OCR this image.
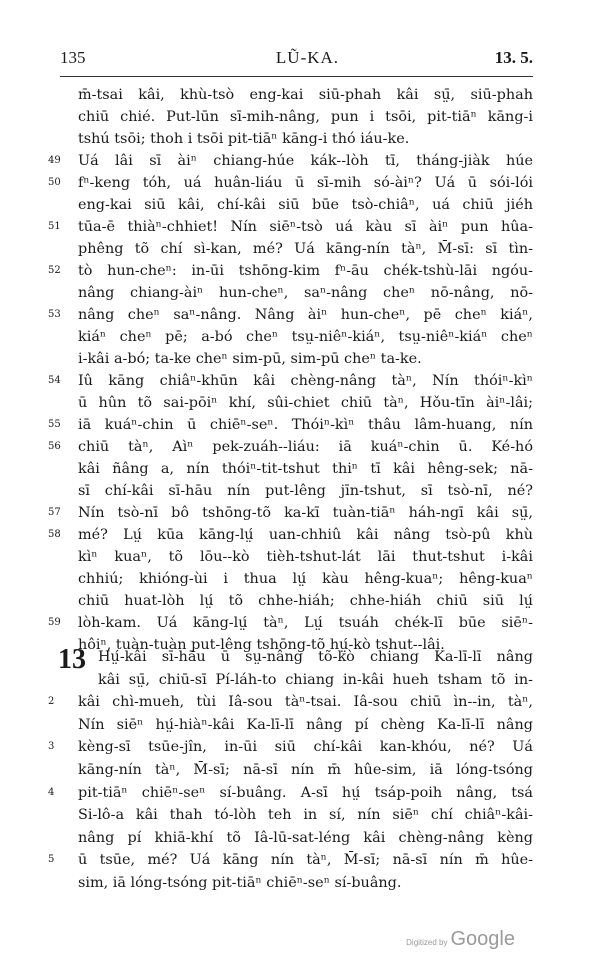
135	LŨ-KA.	13. 5.
m̄-tsai kâi, khù-tsò eng-kai siū-phah kâi sṳ̄, siū-phah
chiū chié. Put-lūn sī-mih-nâng, pun i tsōi, pit-tiāⁿ kāng-i
tshú tsōi; thoh i tsōi pit-tiāⁿ kāng-i thó iáu-ke.
49	Uá lâi sī àiⁿ chiang-húe kák--lòh tī, tháng-jiàk húe
50	fⁿ-keng tóh, uá huân-liáu ū sī-mih só-àiⁿ? Uá ū sói-lói
eng-kai siū kâi, chí-kâi siū būe tsò-chiâⁿ, uá chiū jiéh
51	tūa-ē thiàⁿ-chhiet! Nín siēⁿ-tsò uá kàu sī àiⁿ pun hûa-
phêng tõ chí sì-kan, mé? Uá kāng-nín tàⁿ, M̄-sī: sī tìn-
52	tò hun-cheⁿ: in-ūi tshōng-kim fⁿ-āu chék-tshù-lāi ngóu-
nâng chiang-àiⁿ hun-cheⁿ, saⁿ-nâng cheⁿ nō-nâng, nō-
53	nâng cheⁿ saⁿ-nâng. Nâng àiⁿ hun-cheⁿ, pē cheⁿ kiáⁿ,
kiáⁿ cheⁿ pē; a-bó cheⁿ tsṳ-niêⁿ-kiáⁿ, tsṳ-niêⁿ-kiáⁿ cheⁿ
i-kâi a-bó; ta-ke cheⁿ sim-pū, sim-pū cheⁿ ta-ke.
54	Iû kāng chiâⁿ-khūn kâi chèng-nâng tàⁿ, Nín thóiⁿ-kìⁿ
ū hûn tõ sai-pōiⁿ khí, sûi-chiet chiū tàⁿ, Hǒu-tīn àiⁿ-lâi;
55	iā kuáⁿ-chin ū chiēⁿ-seⁿ. Thóiⁿ-kìⁿ thâu lâm-huang, nín
56	chiū tàⁿ, Aìⁿ pek-zuáh--liáu: iā kuáⁿ-chin ū. Ké-hó
kâi ñâng a, nín thóiⁿ-tit-tshut thiⁿ tī kâi hêng-sek; nā-
sī chí-kâi sī-hāu nín put-lêng jīn-tshut, sī tsò-nī, né?
57	Nín tsò-nī bô tshōng-tõ ka-kī tuàn-tiāⁿ háh-ngī kâi sṳ̄,
58	mé? Lṳ́ kūa kāng-lṳ́ uan-chhiû kâi nâng tsò-pû khù
kìⁿ kuaⁿ, tõ lōu--kò tièh-tshut-lát lāi thut-tshut i-kâi
chhiú; khióng-ùi i thua lṳ́ kàu hêng-kuaⁿ; hêng-kuaⁿ
chiū huat-lòh lṳ́ tõ chhe-hiáh; chhe-hiáh chiū siū lṳ́
59	lòh-kam. Uá kāng-lṳ́ tàⁿ, Lṳ́ tsuáh chék-lī būe siēⁿ-
hôiⁿ, tuàn-tuàn put-lêng tshōng-tõ hṳ́-kò tshut--lâi.
Hṳ́-kâi sī-hāu ū sṳ-nâng tõ-kò chiang Ka-lī-lī nâng
kâi sṳ̄, chiū-sī Pí-láh-to chiang in-kâi hueh tsham tõ in-
2	kâi chì-mueh, tùi Iâ-sou tàⁿ-tsai. Iâ-sou chiū ìn--in, tàⁿ,
Nín siēⁿ hṳ́-hiàⁿ-kâi Ka-lī-lī nâng pí chèng Ka-lī-lī nâng
3	kèng-sī tsūe-jîn, in-ūi siū chí-kâi kan-khóu, né? Uá
kāng-nín tàⁿ, M̄-sī; nā-sī nín m̄ hûe-sim, iā lóng-tsóng
4	pit-tiāⁿ chiēⁿ-seⁿ sí-buâng. A-sī hṳ́ tsáp-poih nâng, tsá
Si-lô-a kâi thah tó-lòh teh in sí, nín siēⁿ chí chiâⁿ-kâi-
nâng pí khiā-khí tõ Iâ-lū-sat-léng kâi chèng-nâng kèng
5	ū tsūe, mé? Uá kāng nín tàⁿ, M̄-sī; nā-sī nín m̄ hûe-
sim, iā lóng-tsóng pit-tiāⁿ chiēⁿ-seⁿ sí-buâng.
13
Digitized by Google
